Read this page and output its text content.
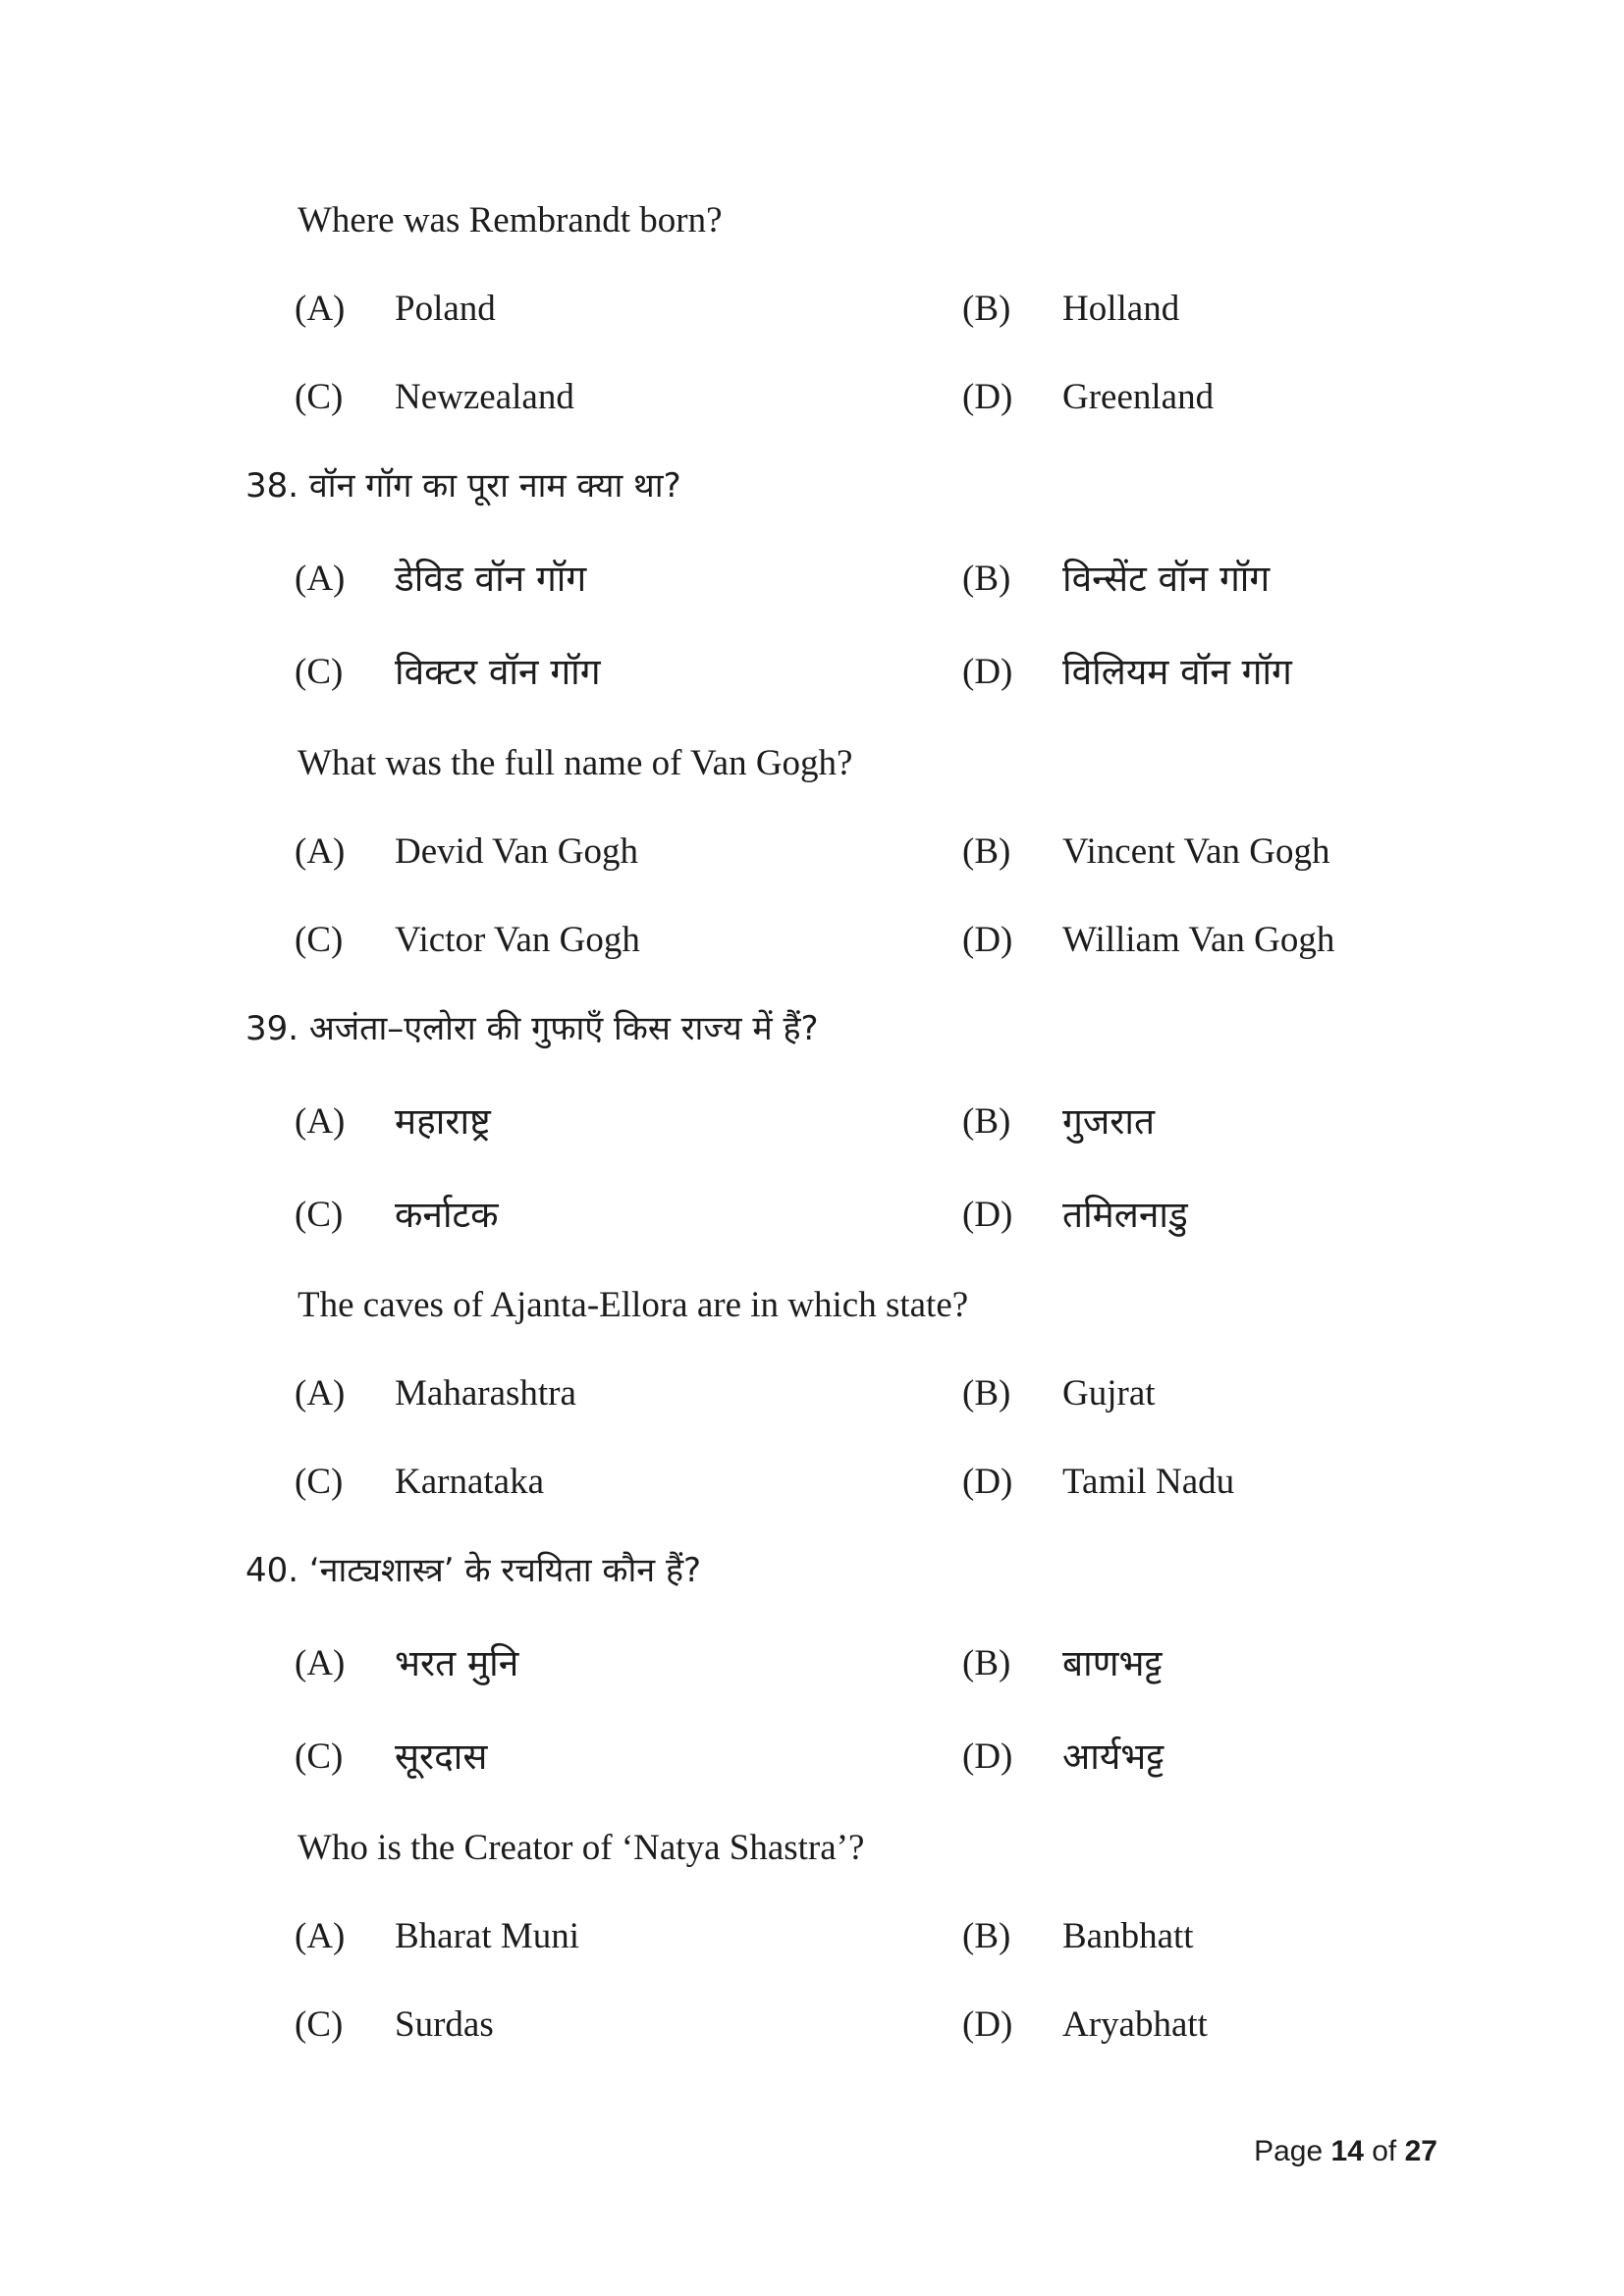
Where was Rembrandt born?
(A) Poland	(B) Holland
(C) Newzealand	(D) Greenland
38. वॉन गॉग का पूरा नाम क्या था?
(A) डेविड वॉन गॉग	(B) विन्सेंट वॉन गॉग
(C) विक्टर वॉन गॉग	(D) विलियम वॉन गॉग
What was the full name of Van Gogh?
(A) Devid Van Gogh	(B) Vincent Van Gogh
(C) Victor Van Gogh	(D) William Van Gogh
39. अजंता–एलोरा की गुफाएँ किस राज्य में हैं?
(A) महाराष्ट्र	(B) गुजरात
(C) कर्नाटक	(D) तमिलनाडु
The caves of Ajanta-Ellora are in which state?
(A) Maharashtra	(B) Gujrat
(C) Karnataka	(D) Tamil Nadu
40. ‘नाट्यशास्त्र’ के रचयिता कौन हैं?
(A) भरत मुनि	(B) बाणभट्ट
(C) सूरदास	(D) आर्यभट्ट
Who is the Creator of ‘Natya Shastra’?
(A) Bharat Muni	(B) Banbhatt
(C) Surdas	(D) Aryabhatt
Page 14 of 27
